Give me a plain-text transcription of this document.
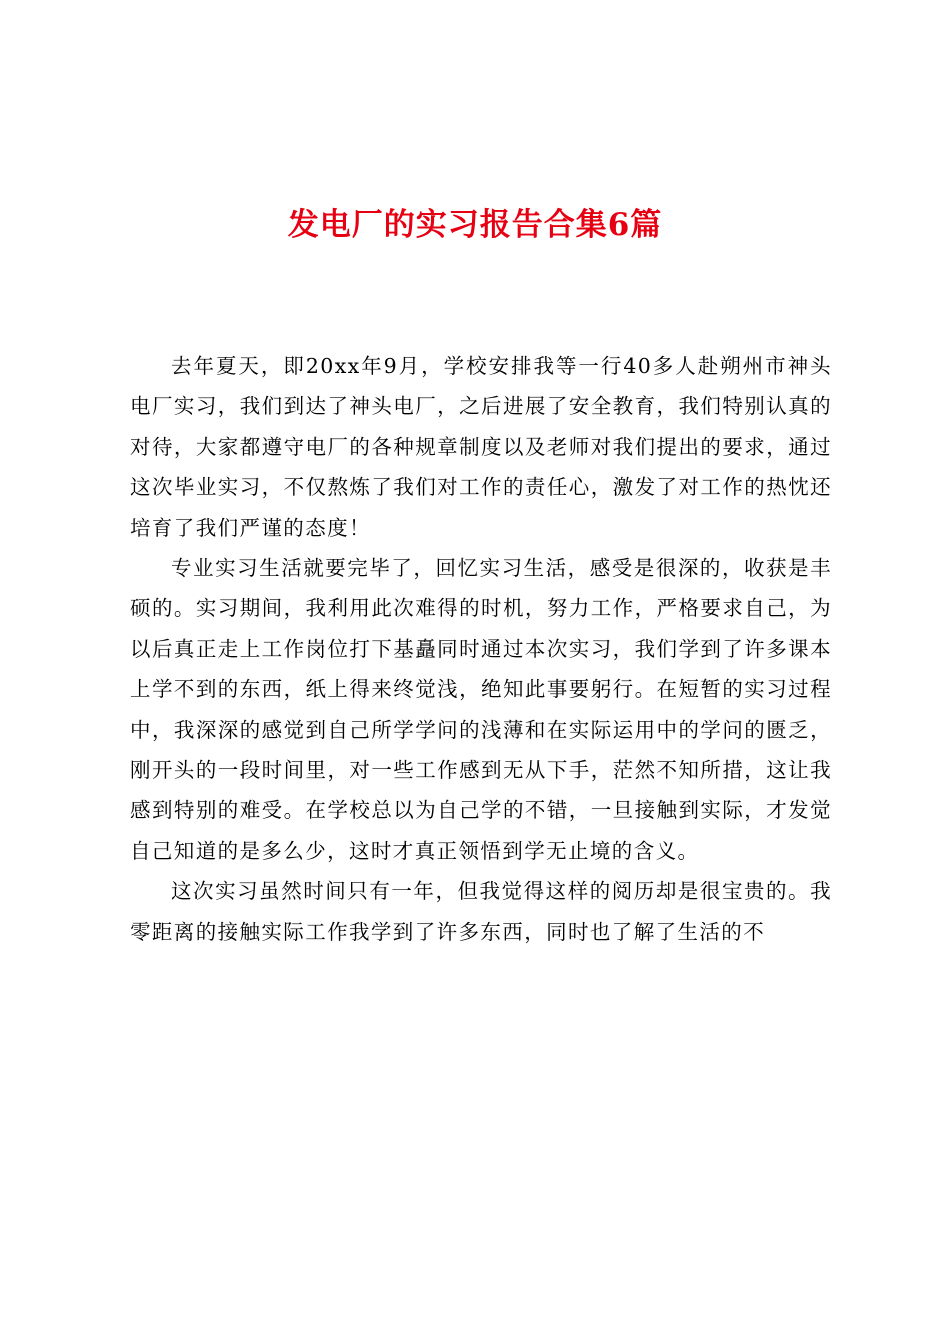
发电厂的实习报告合集6篇

去年夏天，即20xx年9月，学校安排我等一行40多人赴朔州市神头电厂实习，我们到达了神头电厂，之后进展了安全教育，我们特别认真的对待，大家都遵守电厂的各种规章制度以及老师对我们提出的要求，通过这次毕业实习，不仅熬炼了我们对工作的责任心，激发了对工作的热忱还培育了我们严谨的态度！

专业实习生活就要完毕了，回忆实习生活，感受是很深的，收获是丰硕的。实习期间，我利用此次难得的时机，努力工作，严格要求自己，为以后真正走上工作岗位打下基矗同时通过本次实习，我们学到了许多课本上学不到的东西，纸上得来终觉浅，绝知此事要躬行。在短暂的实习过程中，我深深的感觉到自己所学学问的浅薄和在实际运用中的学问的匮乏，刚开头的一段时间里，对一些工作感到无从下手，茫然不知所措，这让我感到特别的难受。在学校总以为自己学的不错，一旦接触到实际，才发觉自己知道的是多么少，这时才真正领悟到学无止境的含义。

这次实习虽然时间只有一年，但我觉得这样的阅历却是很宝贵的。我零距离的接触实际工作我学到了许多东西，同时也了解了生活的不
